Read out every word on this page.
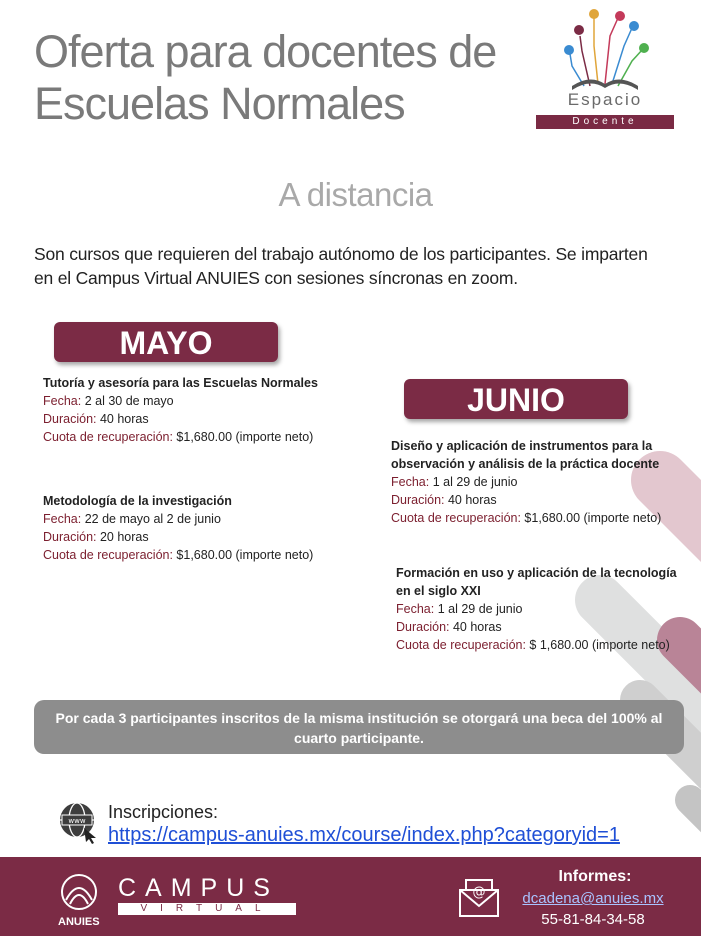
Oferta para docentes de
Escuelas Normales	Espacio
Docente
A distancia
Son cursos que requieren del trabajo autónomo de los participantes. Se imparten en el Campus Virtual ANUIES con sesiones síncronas en zoom.
MAYO
Tutoría y asesoría para las Escuelas Normales
Fecha: 2 al 30 de mayo
Duración: 40 horas
Cuota de recuperación: $1,680.00 (importe neto)
Metodología de la investigación
Fecha: 22 de mayo al 2 de junio
Duración: 20 horas
Cuota de recuperación: $1,680.00 (importe neto)
JUNIO
Diseño y aplicación de instrumentos para la observación y análisis de la práctica docente
Fecha: 1 al 29 de junio
Duración: 40 horas
Cuota de recuperación: $1,680.00 (importe neto)
Formación en uso y aplicación de la tecnología en el siglo XXI
Fecha: 1 al 29 de junio
Duración: 40 horas
Cuota de recuperación: $ 1,680.00 (importe neto)
Por cada 3 participantes inscritos de la misma institución se otorgará una beca del 100% al cuarto participante.
www Inscripciones:
https://campus-anuies.mx/course/index.php?categoryid=1
ANUIES
CAMPUS
VIRTUAL
@
Informes:
dcadena@anuies.mx
55-81-84-34-58
